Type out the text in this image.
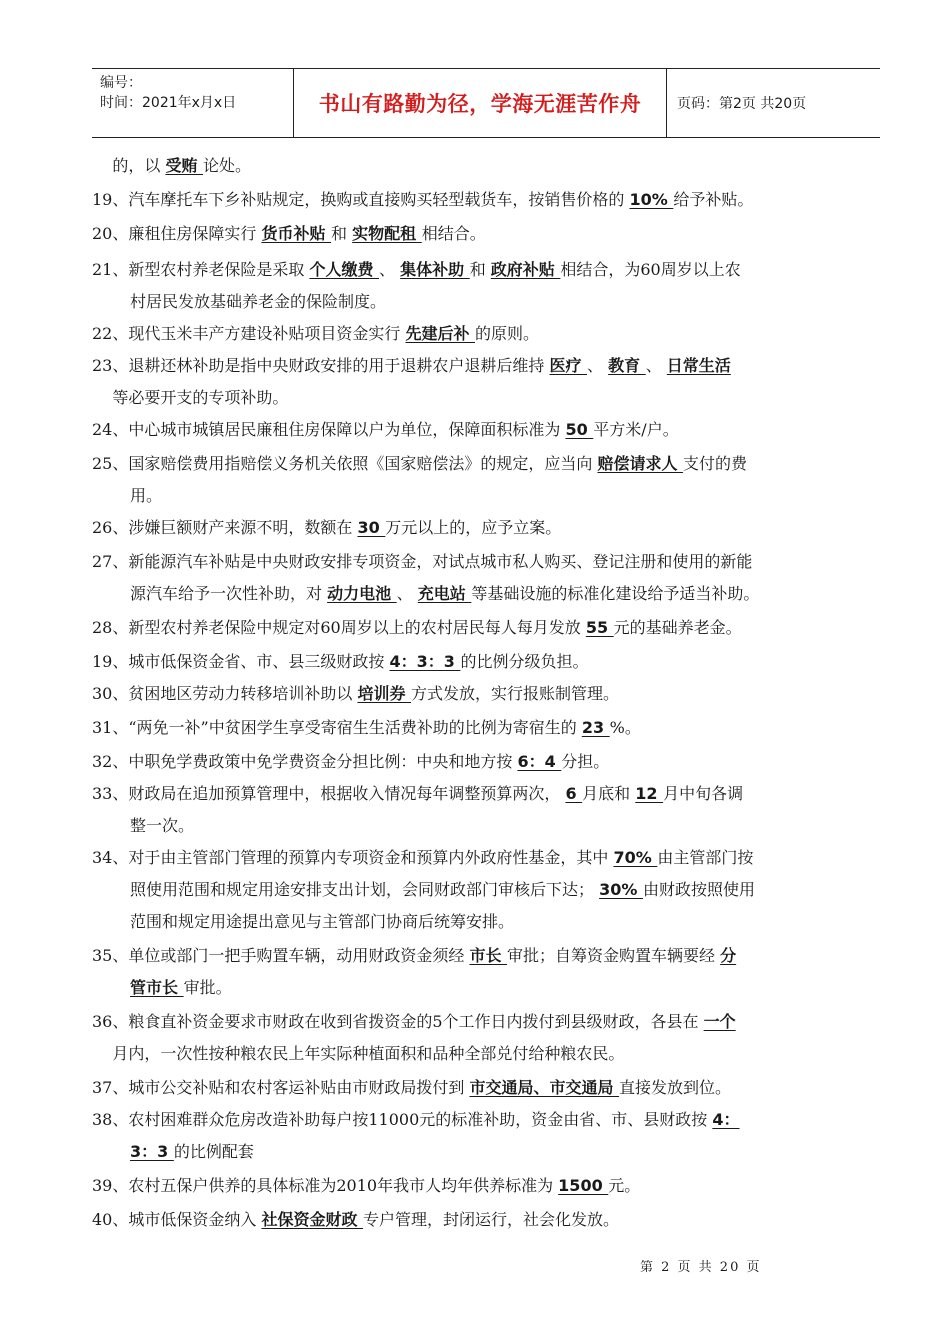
编号：
时间：2021年x月x日	书山有路勤为径，学海无涯苦作舟	页码：第2页 共20页
的，以 受贿 论处。
19、汽车摩托车下乡补贴规定，换购或直接购买轻型载货车，按销售价格的 10% 给予补贴。
20、廉租住房保障实行 货币补贴 和 实物配租 相结合。
21、新型农村养老保险是采取 个人缴费 、 集体补助 和 政府补贴 相结合，为60周岁以上农
村居民发放基础养老金的保险制度。
22、现代玉米丰产方建设补贴项目资金实行 先建后补 的原则。
23、退耕还林补助是指中央财政安排的用于退耕农户退耕后维持 医疗 、 教育 、 日常生活
等必要开支的专项补助。
24、中心城市城镇居民廉租住房保障以户为单位，保障面积标准为 50 平方米/户。
25、国家赔偿费用指赔偿义务机关依照《国家赔偿法》的规定，应当向 赔偿请求人 支付的费
用。
26、涉嫌巨额财产来源不明，数额在 30 万元以上的，应予立案。
27、新能源汽车补贴是中央财政安排专项资金，对试点城市私人购买、登记注册和使用的新能
源汽车给予一次性补助，对 动力电池 、 充电站 等基础设施的标准化建设给予适当补助。
28、新型农村养老保险中规定对60周岁以上的农村居民每人每月发放 55 元的基础养老金。
19、城市低保资金省、市、县三级财政按 4：3：3 的比例分级负担。
30、贫困地区劳动力转移培训补助以 培训券 方式发放，实行报账制管理。
31、“两免一补”中贫困学生享受寄宿生生活费补助的比例为寄宿生的 23 %。
32、中职免学费政策中免学费资金分担比例：中央和地方按 6：4 分担。
33、财政局在追加预算管理中，根据收入情况每年调整预算两次， 6 月底和 12 月中旬各调
整一次。
34、对于由主管部门管理的预算内专项资金和预算内外政府性基金，其中 70% 由主管部门按
照使用范围和规定用途安排支出计划，会同财政部门审核后下达； 30% 由财政按照使用
范围和规定用途提出意见与主管部门协商后统筹安排。
35、单位或部门一把手购置车辆，动用财政资金须经 市长 审批；自筹资金购置车辆要经 分
管市长 审批。
36、粮食直补资金要求市财政在收到省拨资金的5个工作日内拨付到县级财政，各县在 一个
月内，一次性按种粮农民上年实际种植面积和品种全部兑付给种粮农民。
37、城市公交补贴和农村客运补贴由市财政局拨付到 市交通局、市交通局 直接发放到位。
38、农村困难群众危房改造补助每户按11000元的标准补助，资金由省、市、县财政按 4：
3：3 的比例配套
39、农村五保户供养的具体标准为2010年我市人均年供养标准为 1500 元。
40、城市低保资金纳入 社保资金财政 专户管理，封闭运行，社会化发放。
第 2 页 共 20 页
